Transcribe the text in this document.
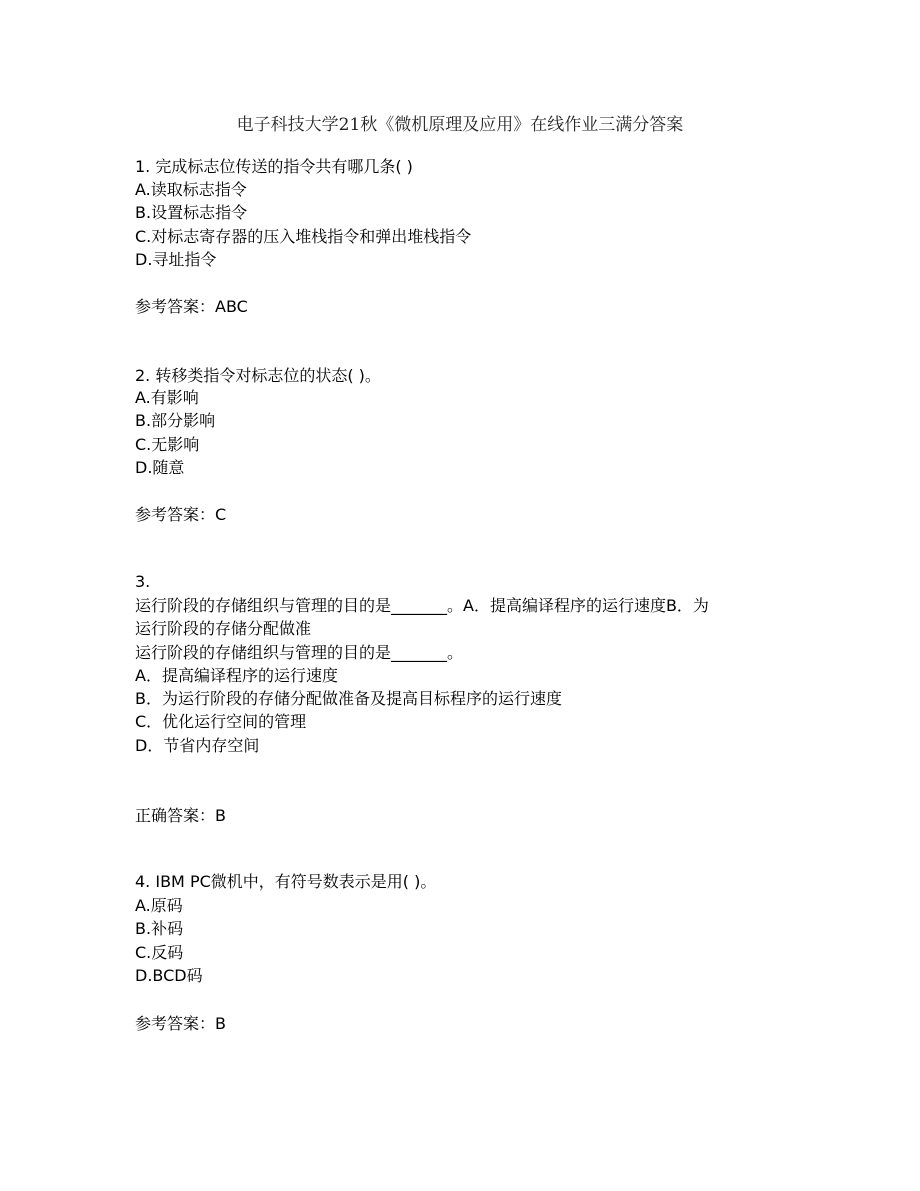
电子科技大学21秋《微机原理及应用》在线作业三满分答案
1. 完成标志位传送的指令共有哪几条( )
A.读取标志指令
B.设置标志指令
C.对标志寄存器的压入堆栈指令和弹出堆栈指令
D.寻址指令
参考答案：ABC
2. 转移类指令对标志位的状态( )。
A.有影响
B.部分影响
C.无影响
D.随意
参考答案：C
3.
运行阶段的存储组织与管理的目的是_______。A．提高编译程序的运行速度B．为
运行阶段的存储分配做准
运行阶段的存储组织与管理的目的是_______。
A．提高编译程序的运行速度
B．为运行阶段的存储分配做准备及提高目标程序的运行速度
C．优化运行空间的管理
D．节省内存空间
正确答案：B
4. IBM PC微机中，有符号数表示是用( )。
A.原码
B.补码
C.反码
D.BCD码
参考答案：B
